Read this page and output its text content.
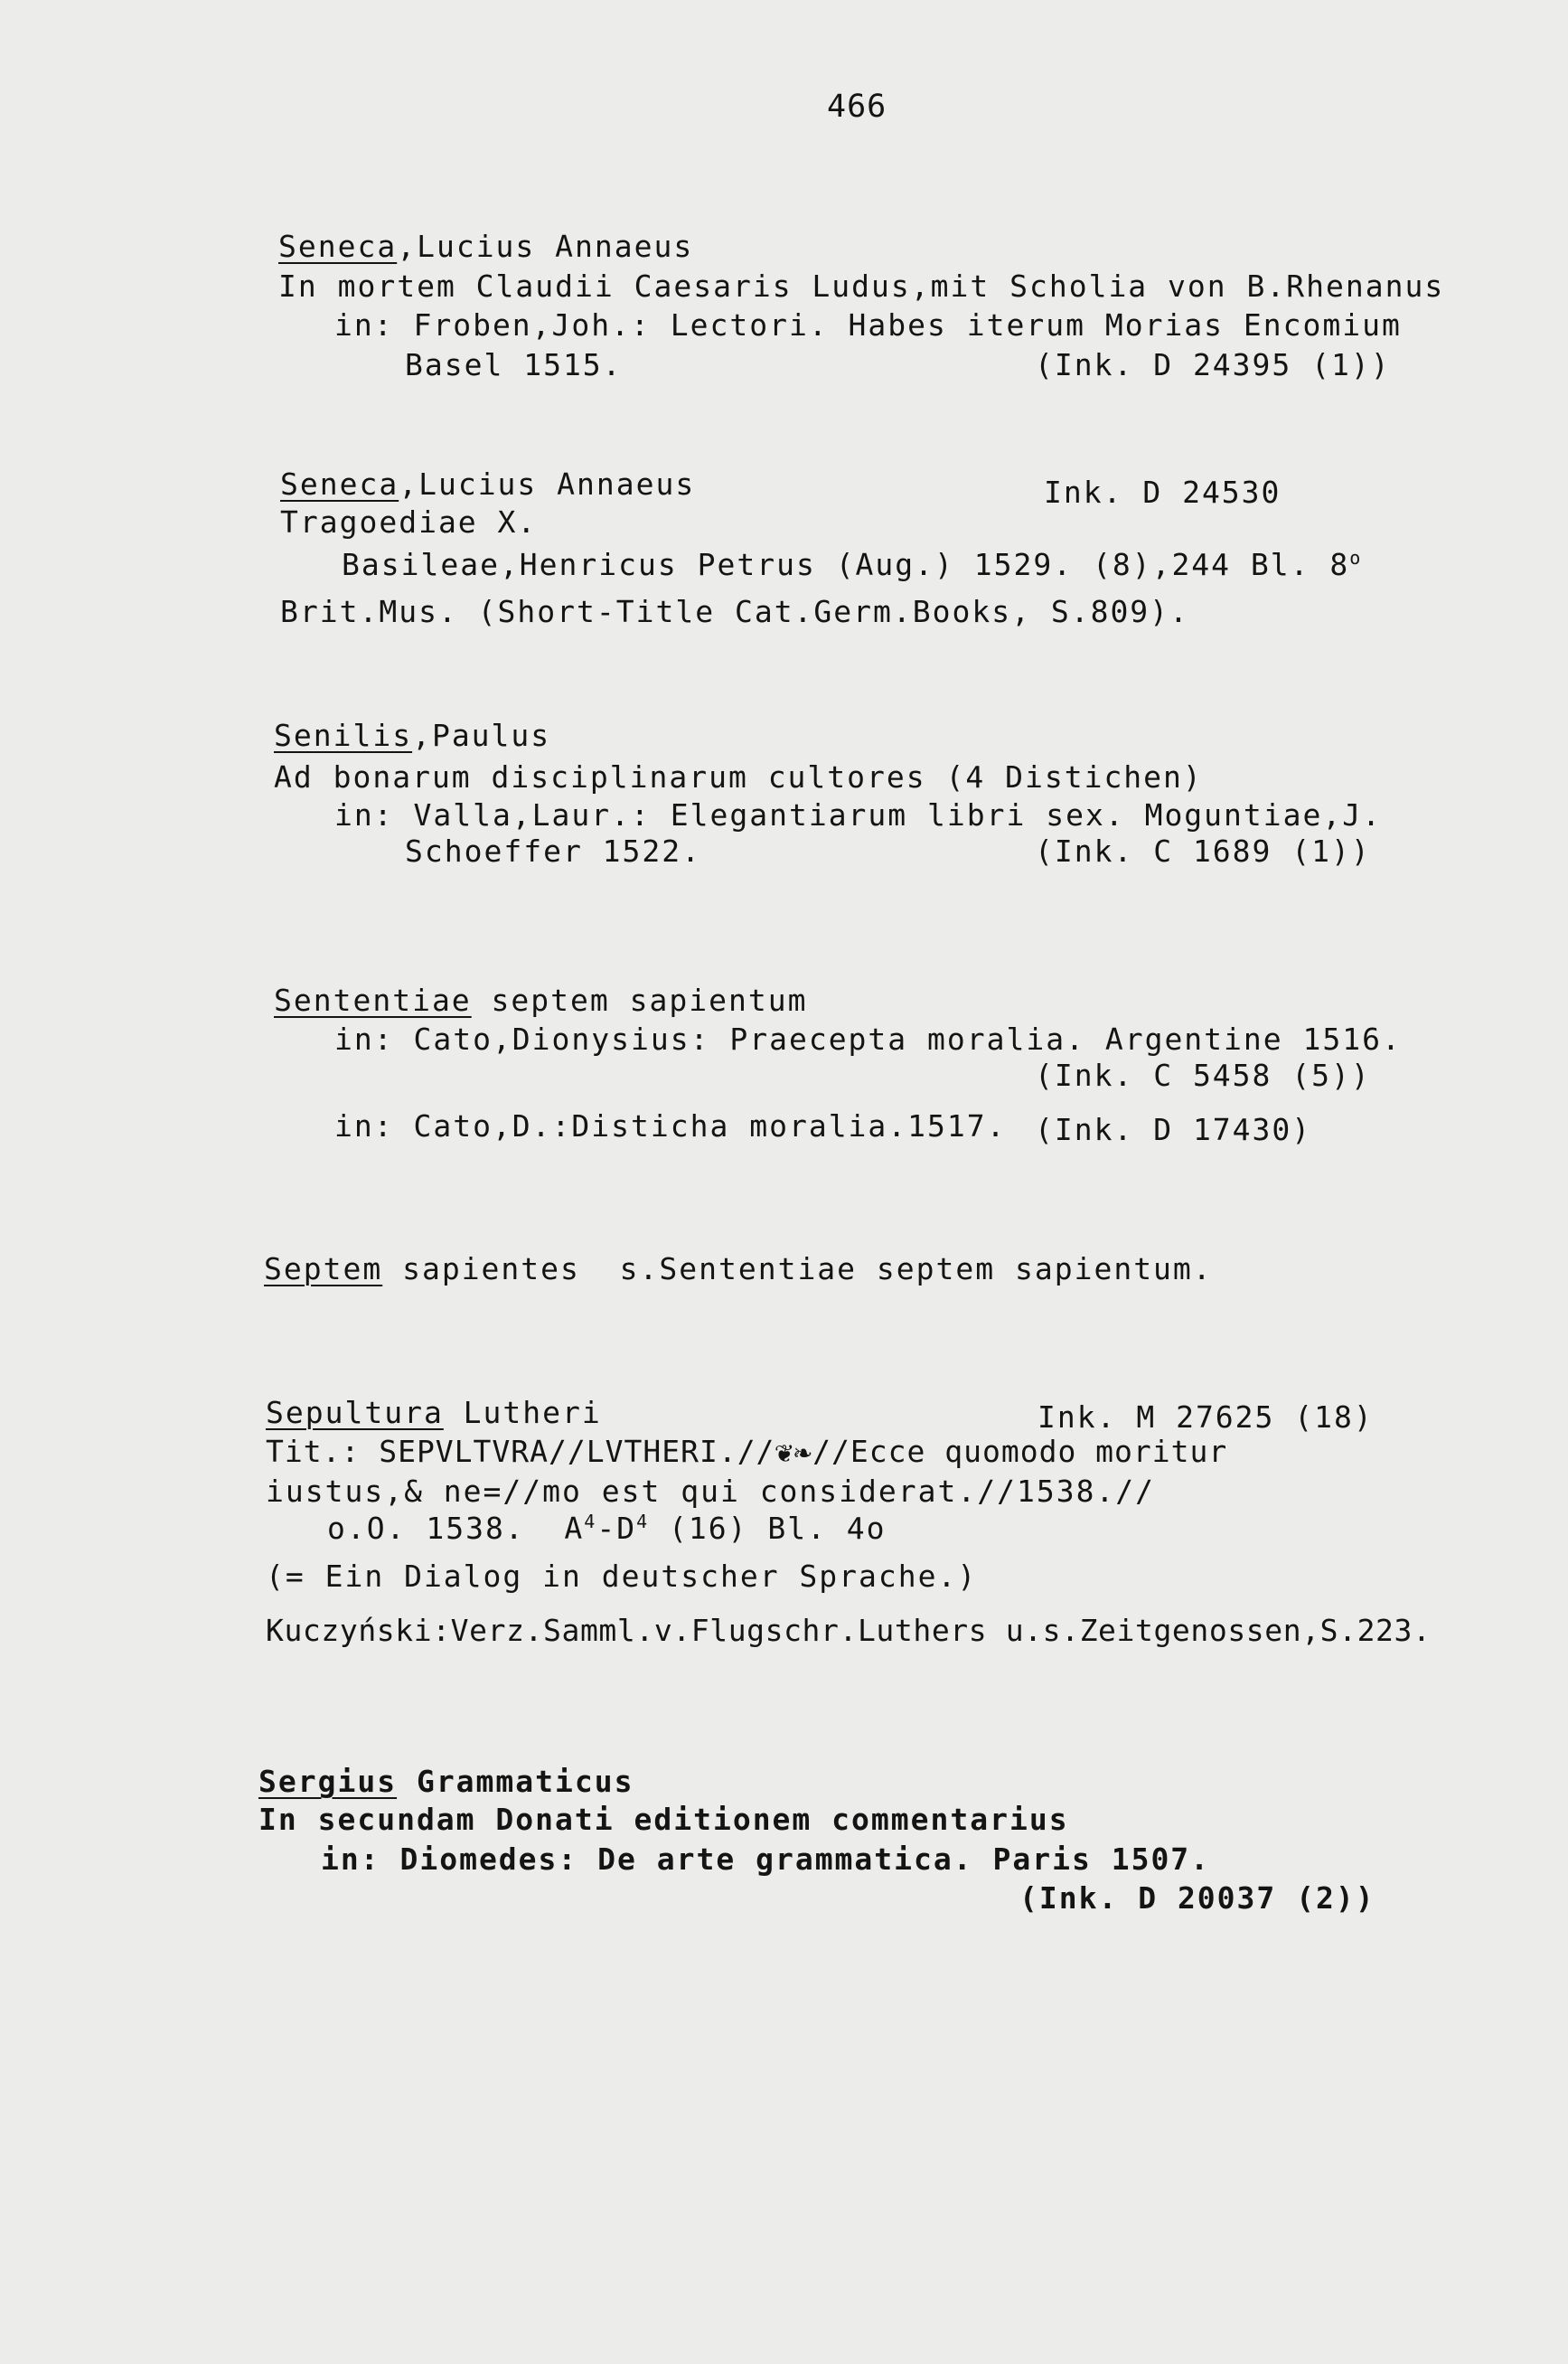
466
Seneca,Lucius Annaeus
In mortem Claudii Caesaris Ludus,mit Scholia von B.Rhenanus
in: Froben,Joh.: Lectori. Habes iterum Morias Encomium
Basel 1515.	(Ink. D 24395 (1))
Seneca,Lucius Annaeus	Ink. D 24530
Tragoediae X.
Basileae,Henricus Petrus (Aug.) 1529. (8),244 Bl. 8$^o$
Brit.Mus. (Short-Title Cat.Germ.Books, S.809).
Senilis,Paulus
Ad bonarum disciplinarum cultores (4 Distichen)
in: Valla,Laur.: Elegantiarum libri sex. Moguntiae,J.
Schoeffer 1522.	(Ink. C 1689 (1))
Sententiae septem sapientum
in: Cato,Dionysius: Praecepta moralia. Argentine 1516.
(Ink. C 5458 (5))
in: Cato,D.:Disticha moralia.1517. (Ink. D 17430)
Septem sapientes  s.Sententiae septem sapientum.
Sepultura Lutheri	Ink. M 27625 (18)
Tit.: SEPVLTVRA//LVTHERI.//❦❧//Ecce quomodo moritur
iustus,& ne=//mo est qui considerat.//1538.//
o.O. 1538.  $A^4-D^4$ (16) Bl. 4o
(= Ein Dialog in deutscher Sprache.)
Kuczyński:Verz.Samml.v.Flugschr.Luthers u.s.Zeitgenossen,S.223.
Sergius Grammaticus
In secundam Donati editionem commentarius
in: Diomedes: De arte grammatica. Paris 1507.
(Ink. D 20037 (2))
